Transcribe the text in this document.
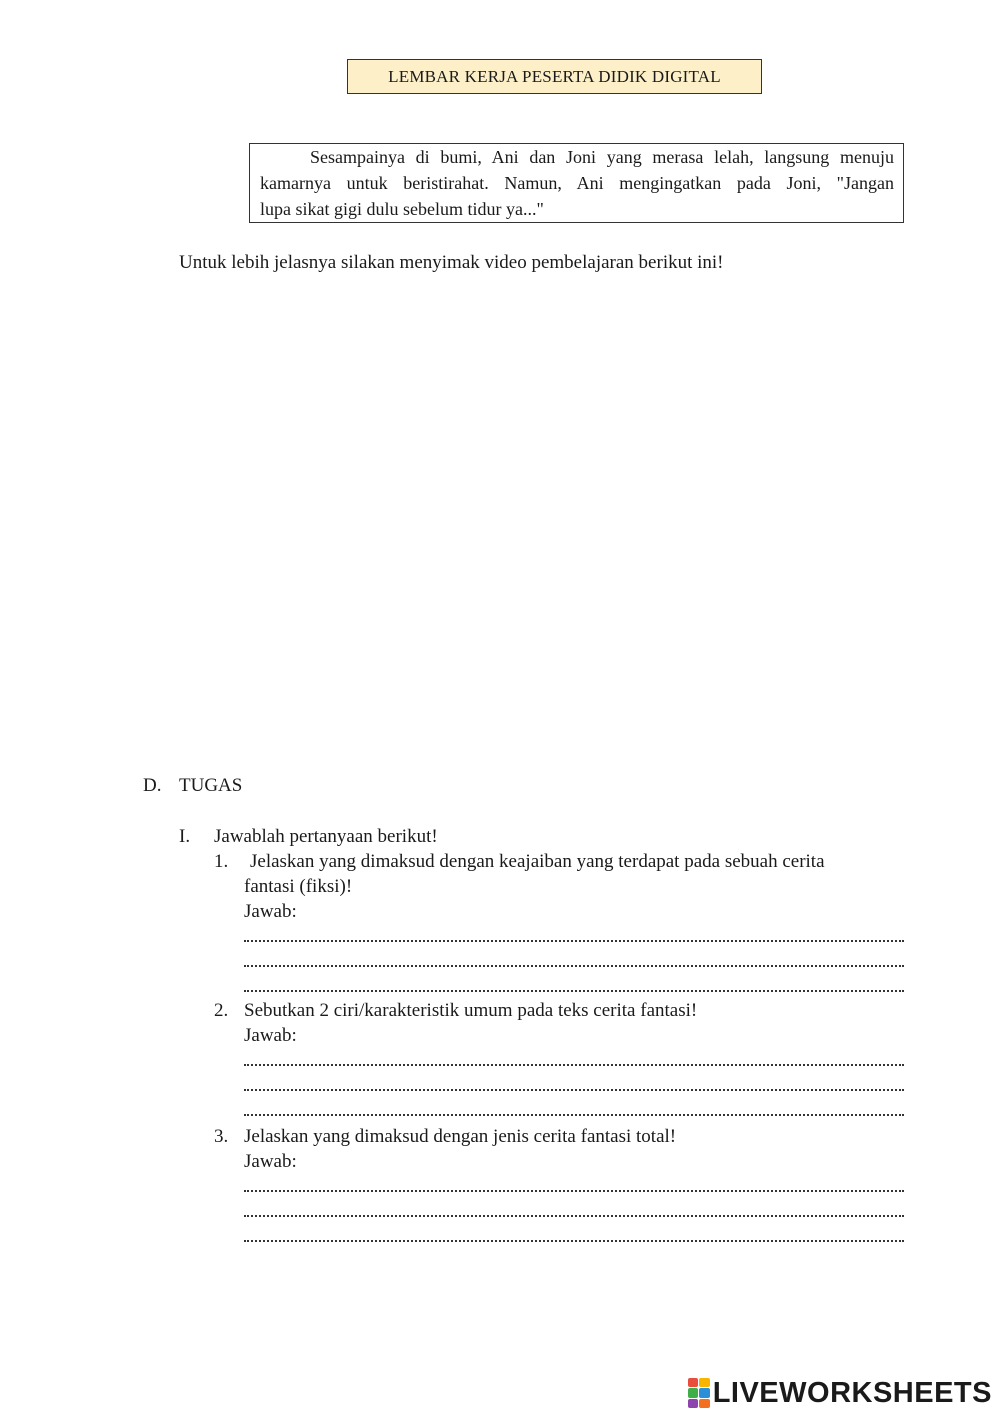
LEMBAR KERJA PESERTA DIDIK DIGITAL
Sesampainya di bumi, Ani dan Joni yang merasa lelah, langsung menuju
kamarnya untuk beristirahat. Namun, Ani mengingatkan pada Joni, "Jangan
lupa sikat gigi dulu sebelum tidur ya..."
Untuk lebih jelasnya silakan menyimak video pembelajaran berikut ini!
D. TUGAS
I. Jawablah pertanyaan berikut!
1. Jelaskan yang dimaksud dengan keajaiban yang terdapat pada sebuah cerita
fantasi (fiksi)!
Jawab:
2. Sebutkan 2 ciri/karakteristik umum pada teks cerita fantasi!
Jawab:
3. Jelaskan yang dimaksud dengan jenis cerita fantasi total!
Jawab:
LIVEWORKSHEETS
